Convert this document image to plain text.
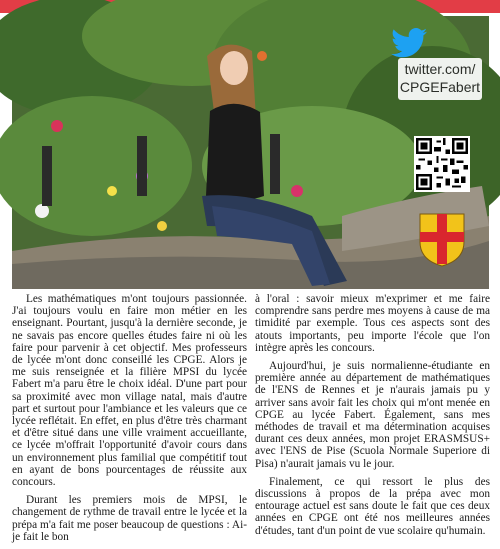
twitter.com/
CPGEFabert

Les mathématiques m'ont toujours passionnée. J'ai toujours voulu en faire mon métier en les enseignant. Pourtant, jusqu'à la dernière seconde, je ne savais pas encore quelles études faire ni où les faire pour parvenir à cet objectif. Mes professeurs de lycée m'ont donc conseillé les CPGE. Alors je me suis renseignée et la filière MPSI du lycée Fabert m'a paru être le choix idéal. D'une part pour sa proximité avec mon village natal, mais d'autre part et surtout pour l'ambiance et les valeurs que ce lycée reflétait. En effet, en plus d'être très charmant et d'être situé dans une ville vraiment accueillante, ce lycée m'offrait l'opportunité d'avoir cours dans un environnement plus familial que compétitif tout en ayant de bons pourcentages de réussite aux concours.

Durant les premiers mois de MPSI, le changement de rythme de travail entre le lycée et la prépa m'a fait me poser beaucoup de questions : Ai-je fait le bon

à l'oral : savoir mieux m'exprimer et me faire comprendre sans perdre mes moyens à cause de ma timidité par exemple. Tous ces aspects sont des atouts importants, peu importe l'école que l'on intègre après les concours.

Aujourd'hui, je suis normalienne-étudiante en première année au département de mathématiques de l'ENS de Rennes et je n'aurais jamais pu y arriver sans avoir fait les choix qui m'ont menée en CPGE au lycée Fabert. Également, sans mes méthodes de travail et ma détermination acquises durant ces deux années, mon projet ERASMSUS+ avec l'ENS de Pise (Scuola Normale Superiore di Pisa) n'aurait jamais vu le jour.

Finalement, ce qui ressort le plus des discussions à propos de la prépa avec mon entourage actuel est sans doute le fait que ces deux années en CPGE ont été nos meilleures années d'études, tant d'un point de vue scolaire qu'humain.
